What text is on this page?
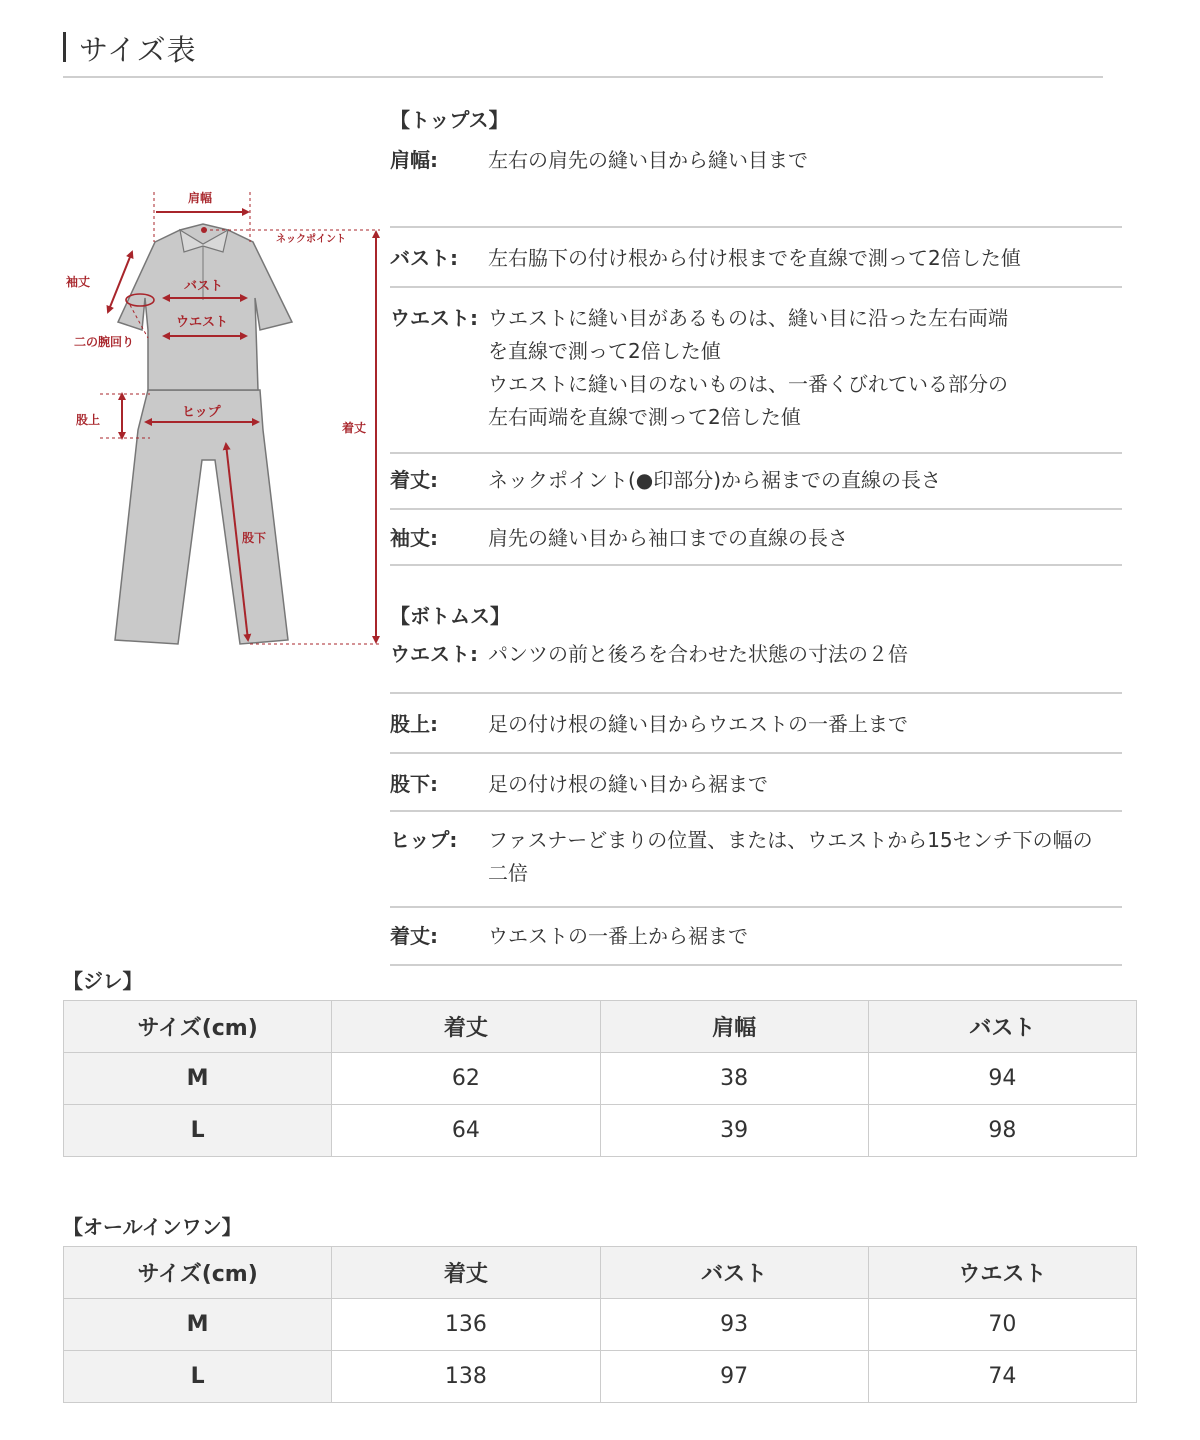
サイズ表
肩幅
ネックポイント
袖丈	バスト
ウエスト
二の腕回り
股上	ヒップ
着丈
股下
【トップス】
肩幅:	左右の肩先の縫い目から縫い目まで
バスト:	左右脇下の付け根から付け根までを直線で測って2倍した値
ウエスト: ウエストに縫い目があるものは、縫い目に沿った左右両端
を直線で測って2倍した値
ウエストに縫い目のないものは、一番くびれている部分の
左右両端を直線で測って2倍した値
着丈:	ネックポイント(●印部分)から裾までの直線の長さ
袖丈:	肩先の縫い目から袖口までの直線の長さ
【ボトムス】
ウエスト: パンツの前と後ろを合わせた状態の寸法の２倍
股上:	足の付け根の縫い目からウエストの一番上まで
股下:	足の付け根の縫い目から裾まで
ヒップ:	ファスナーどまりの位置、または、ウエストから15センチ下の幅の
二倍
着丈:	ウエストの一番上から裾まで
【ジレ】
サイズ(cm)	着丈	肩幅	バスト
M	62	38	94
L	64	39	98
【オールインワン】
サイズ(cm)	着丈	バスト	ウエスト
M	136	93	70
L	138	97	74
